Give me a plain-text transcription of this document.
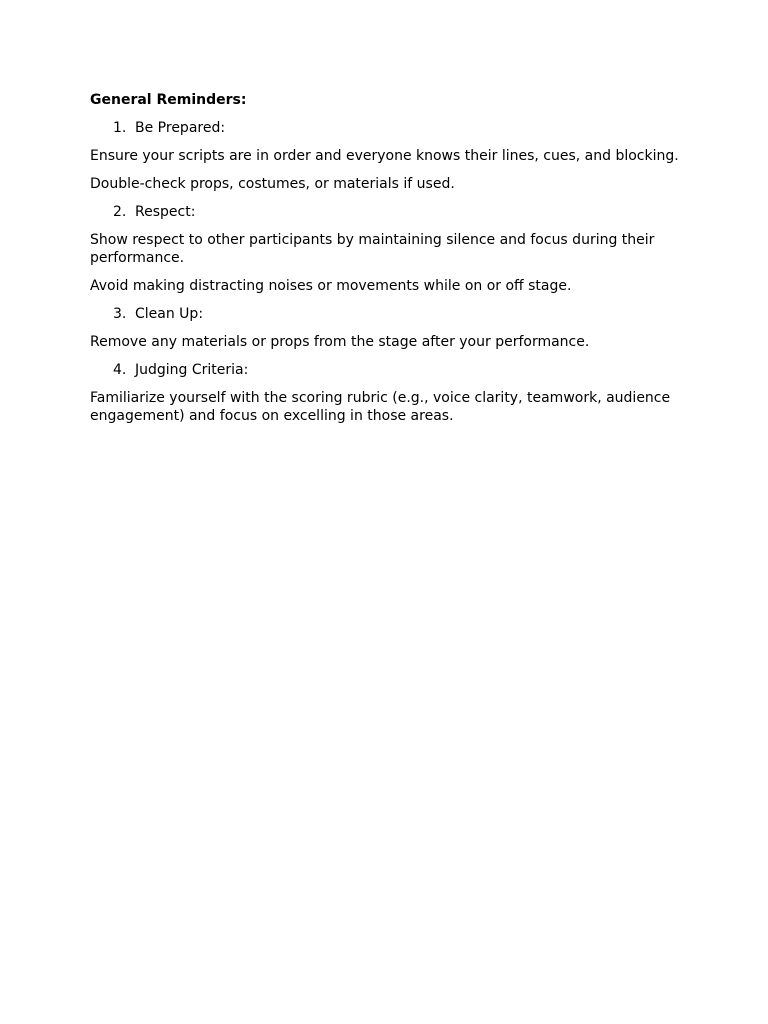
General Reminders:
1. Be Prepared:
Ensure your scripts are in order and everyone knows their lines, cues, and blocking.
Double-check props, costumes, or materials if used.
2. Respect:
Show respect to other participants by maintaining silence and focus during their performance.
Avoid making distracting noises or movements while on or off stage.
3. Clean Up:
Remove any materials or props from the stage after your performance.
4. Judging Criteria:
Familiarize yourself with the scoring rubric (e.g., voice clarity, teamwork, audience engagement) and focus on excelling in those areas.
